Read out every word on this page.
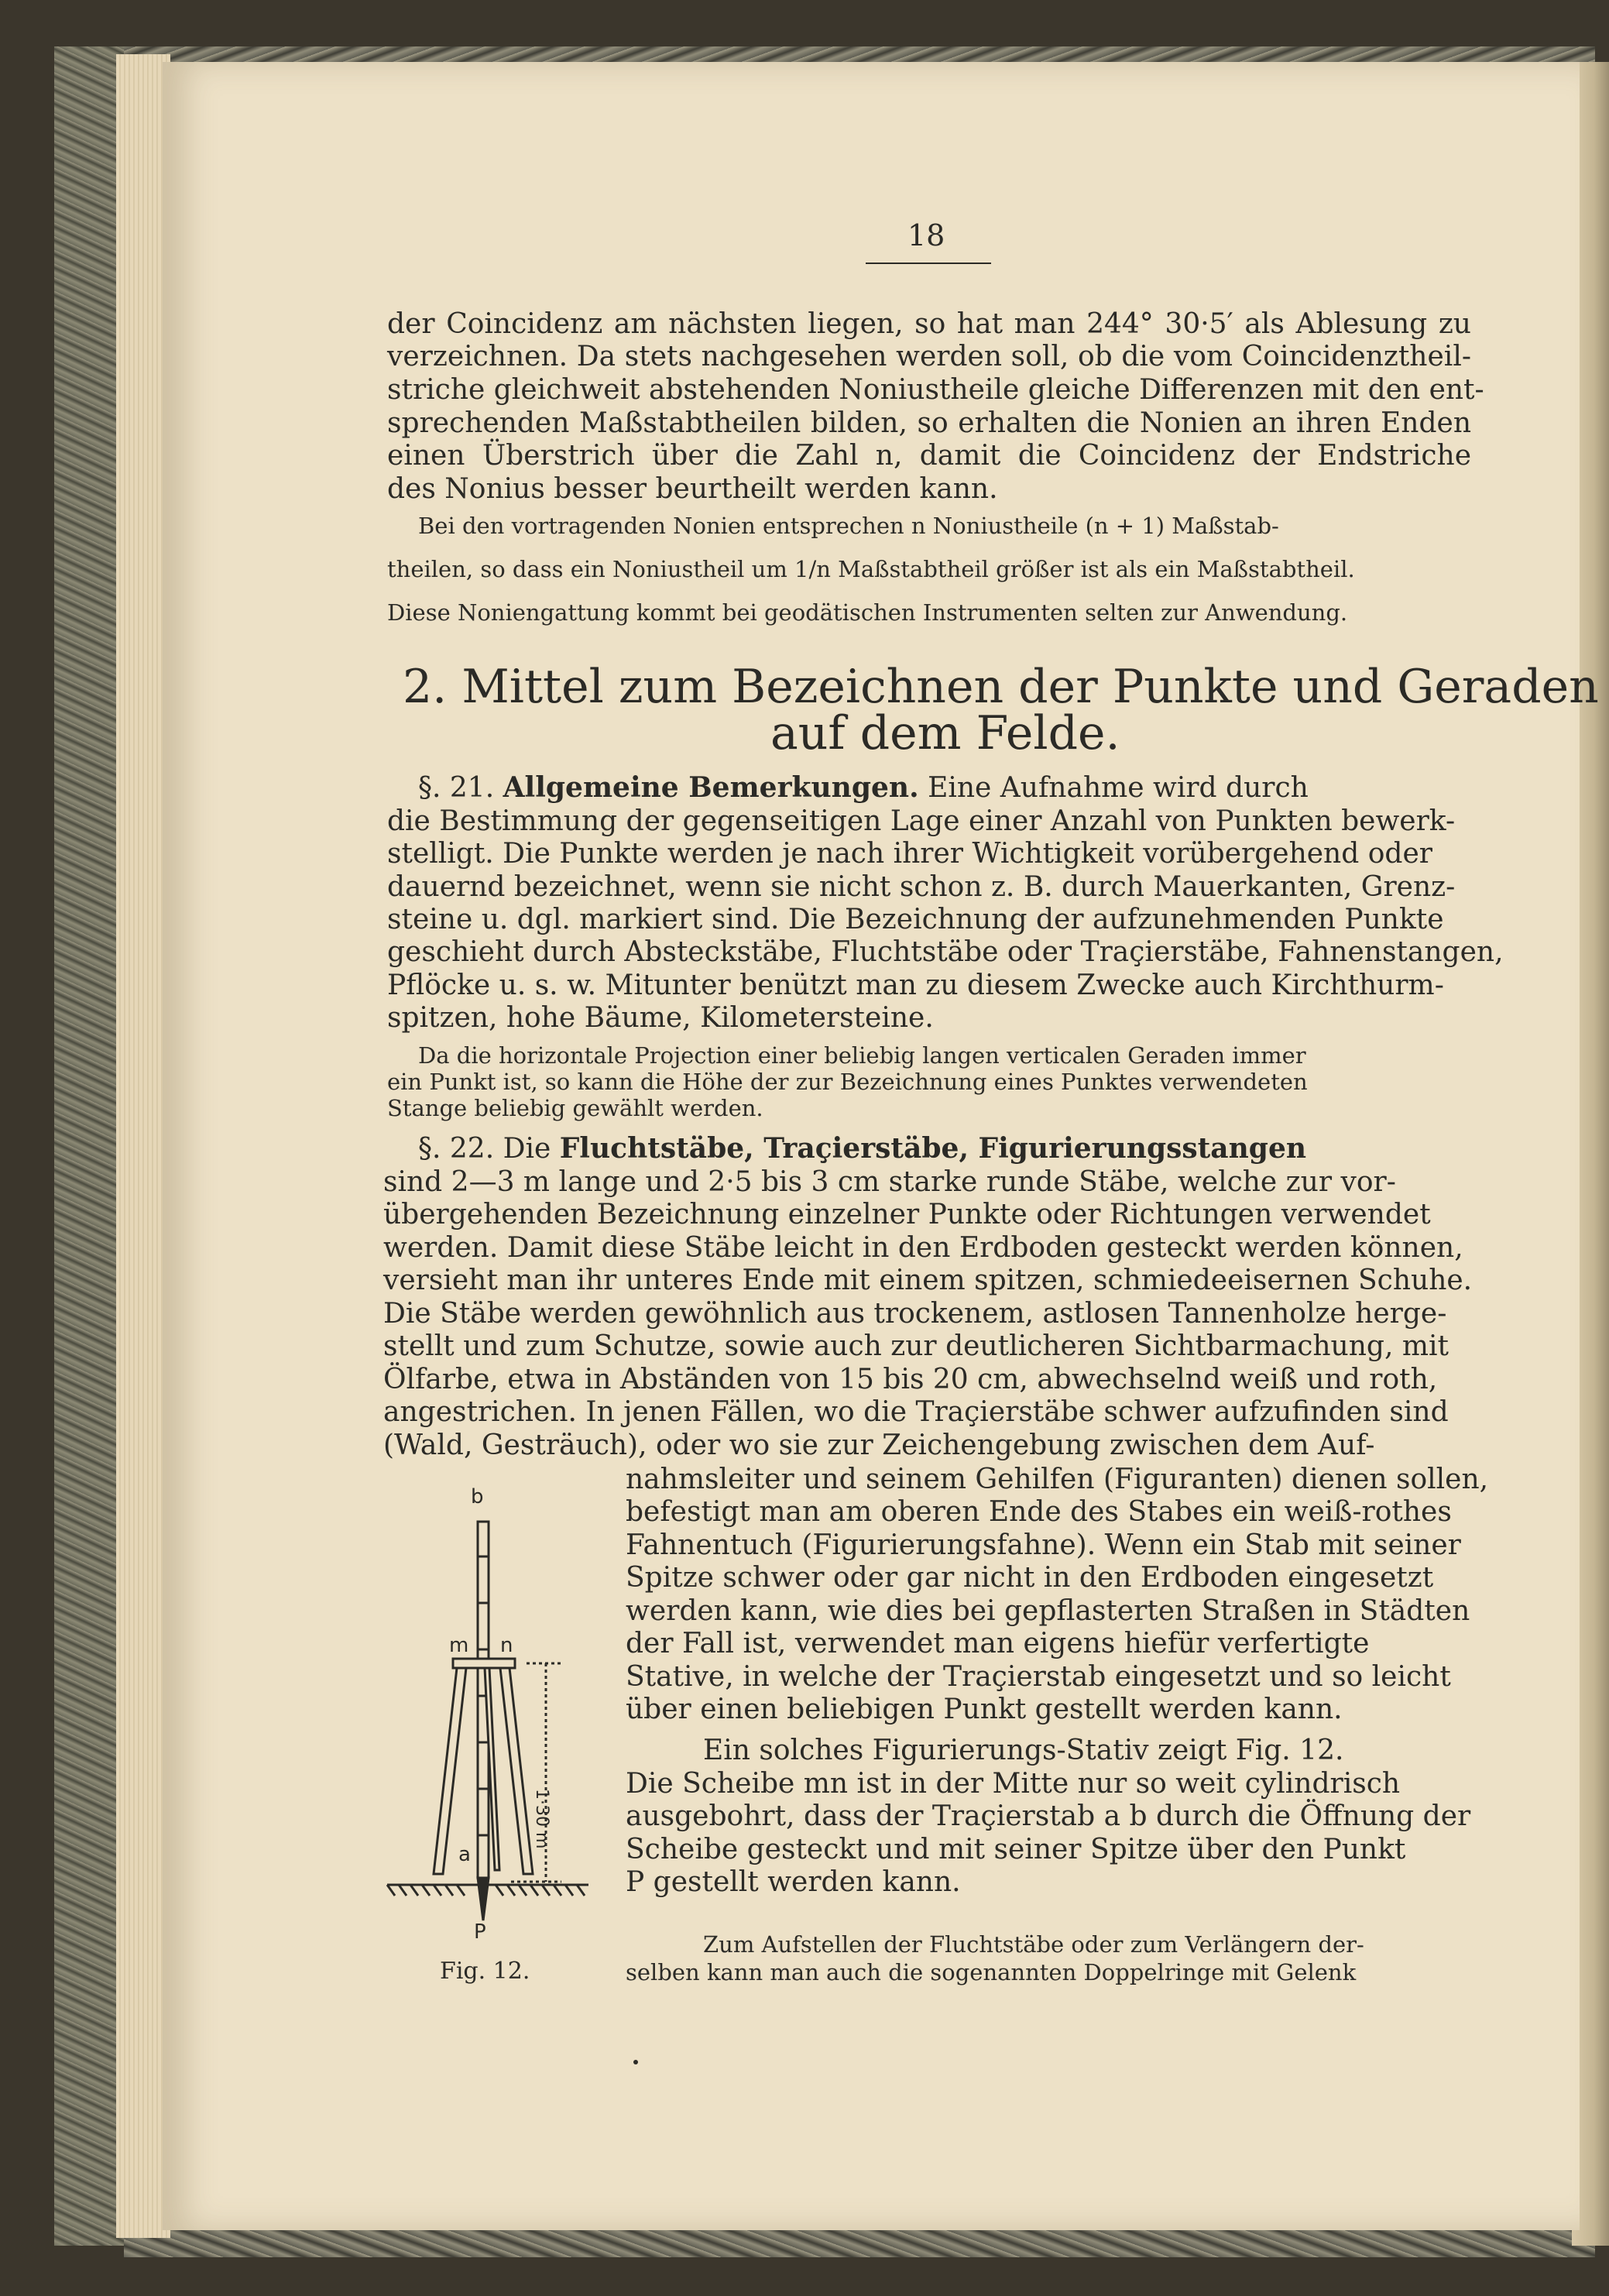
18
der Coincidenz am nächsten liegen, so hat man 244° 30·5′ als Ablesung zu
verzeichnen. Da stets nachgesehen werden soll, ob die vom Coincidenztheil-
striche gleichweit abstehenden Noniustheile gleiche Differenzen mit den ent-
sprechenden Maßstabtheilen bilden, so erhalten die Nonien an ihren Enden
einen Überstrich über die Zahl n, damit die Coincidenz der Endstriche
des Nonius besser beurtheilt werden kann.
Bei den vortragenden Nonien entsprechen n Noniustheile (n + 1) Maßstab-
theilen, so dass ein Noniustheil um 1/n Maßstabtheil größer ist als ein Maßstabtheil.
Diese Noniengattung kommt bei geodätischen Instrumenten selten zur Anwendung.
2. Mittel zum Bezeichnen der Punkte und Geraden
auf dem Felde.
§. 21. Allgemeine Bemerkungen. Eine Aufnahme wird durch
die Bestimmung der gegenseitigen Lage einer Anzahl von Punkten bewerk-
stelligt. Die Punkte werden je nach ihrer Wichtigkeit vorübergehend oder
dauernd bezeichnet, wenn sie nicht schon z. B. durch Mauerkanten, Grenz-
steine u. dgl. markiert sind. Die Bezeichnung der aufzunehmenden Punkte
geschieht durch Absteckstäbe, Fluchtstäbe oder Traçierstäbe, Fahnenstangen,
Pflöcke u. s. w. Mitunter benützt man zu diesem Zwecke auch Kirchthurm-
spitzen, hohe Bäume, Kilometersteine.
Da die horizontale Projection einer beliebig langen verticalen Geraden immer
ein Punkt ist, so kann die Höhe der zur Bezeichnung eines Punktes verwendeten
Stange beliebig gewählt werden.
§. 22. Die Fluchtstäbe, Traçierstäbe, Figurierungsstangen
sind 2—3 m lange und 2·5 bis 3 cm starke runde Stäbe, welche zur vor-
übergehenden Bezeichnung einzelner Punkte oder Richtungen verwendet
werden. Damit diese Stäbe leicht in den Erdboden gesteckt werden können,
versieht man ihr unteres Ende mit einem spitzen, schmiedeeisernen Schuhe.
Die Stäbe werden gewöhnlich aus trockenem, astlosen Tannenholze herge-
stellt und zum Schutze, sowie auch zur deutlicheren Sichtbarmachung, mit
Ölfarbe, etwa in Abständen von 15 bis 20 cm, abwechselnd weiß und roth,
angestrichen. In jenen Fällen, wo die Traçierstäbe schwer aufzufinden sind
(Wald, Gesträuch), oder wo sie zur Zeichengebung zwischen dem Auf-
nahmsleiter und seinem Gehilfen (Figuranten) dienen sollen,
befestigt man am oberen Ende des Stabes ein weiß-rothes
Fahnentuch (Figurierungsfahne). Wenn ein Stab mit seiner
Spitze schwer oder gar nicht in den Erdboden eingesetzt
werden kann, wie dies bei gepflasterten Straßen in Städten
der Fall ist, verwendet man eigens hiefür verfertigte
Stative, in welche der Traçierstab eingesetzt und so leicht
über einen beliebigen Punkt gestellt werden kann.
Ein solches Figurierungs-Stativ zeigt Fig. 12.
Die Scheibe mn ist in der Mitte nur so weit cylindrisch
ausgebohrt, dass der Traçierstab a b durch die Öffnung der
Scheibe gesteckt und mit seiner Spitze über den Punkt
P gestellt werden kann.
Zum Aufstellen der Fluchtstäbe oder zum Verlängern der-
selben kann man auch die sogenannten Doppelringe mit Gelenk
b
m n
a
P
1·30 m
Fig. 12.
